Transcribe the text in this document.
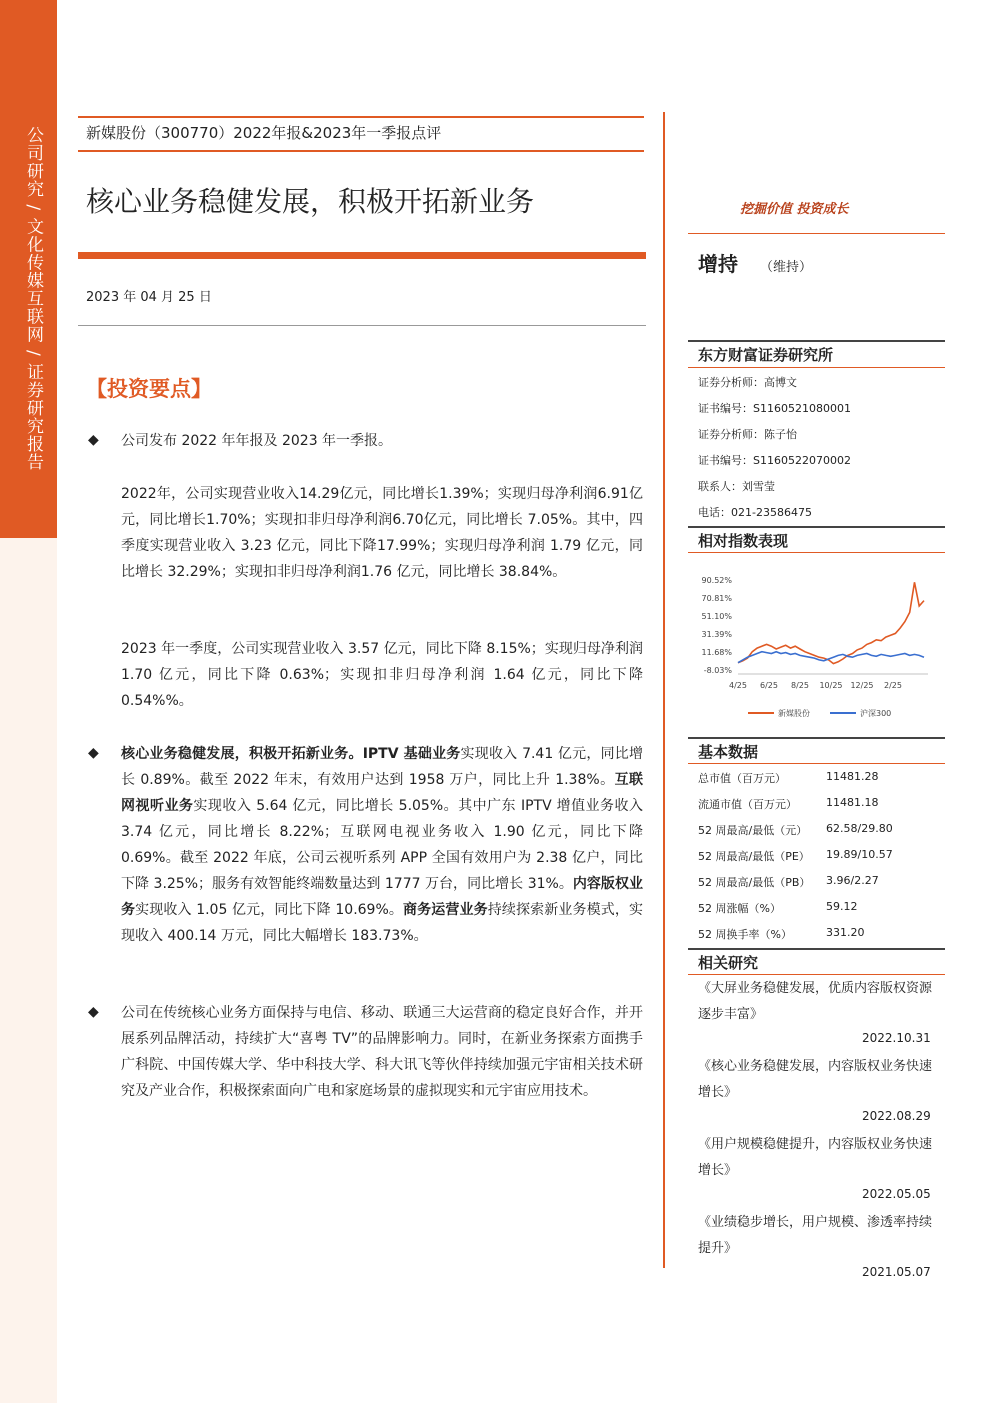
公司研究 / 文化传媒互联网 / 证券研究报告	新媒股份（300770）2022年报&2023年一季报点评
核心业务稳健发展，积极开拓新业务
2023 年 04 月 25 日
【投资要点】
◆ 公司发布 2022 年年报及 2023 年一季报。
2022年，公司实现营业收入14.29亿元，同比增长1.39%；实现归母净利润6.91亿元，同比增长1.70%；实现扣非归母净利润6.70亿元，同比增长 7.05%。其中，四季度实现营业收入 3.23 亿元，同比下降17.99%；实现归母净利润 1.79 亿元，同比增长 32.29%；实现扣非归母净利润1.76 亿元，同比增长 38.84%。
2023 年一季度，公司实现营业收入 3.57 亿元，同比下降 8.15%；实现归母净利润 1.70 亿元，同比下降 0.63%；实现扣非归母净利润 1.64 亿元，同比下降 0.54%%。
◆ 核心业务稳健发展，积极开拓新业务。IPTV 基础业务实现收入 7.41 亿元，同比增长 0.89%。截至 2022 年末，有效用户达到 1958 万户，同比上升 1.38%。互联网视听业务实现收入 5.64 亿元，同比增长 5.05%。其中广东 IPTV 增值业务收入 3.74 亿元，同比增长 8.22%；互联网电视业务收入 1.90 亿元，同比下降 0.69%。截至 2022 年底，公司云视听系列 APP 全国有效用户为 2.38 亿户，同比下降 3.25%；服务有效智能终端数量达到 1777 万台，同比增长 31%。内容版权业务实现收入 1.05 亿元，同比下降 10.69%。商务运营业务持续探索新业务模式，实现收入 400.14 万元，同比大幅增长 183.73%。
◆ 公司在传统核心业务方面保持与电信、移动、联通三大运营商的稳定良好合作，并开展系列品牌活动，持续扩大“喜粤 TV”的品牌影响力。同时，在新业务探索方面携手广科院、中国传媒大学、华中科技大学、科大讯飞等伙伴持续加强元宇宙相关技术研究及产业合作，积极探索面向广电和家庭场景的虚拟现实和元宇宙应用技术。
挖掘价值 投资成长
增持 （维持）
东方财富证券研究所
证券分析师：高博文
证书编号：S1160521080001
证券分析师：陈子怡
证书编号：S1160522070002
联系人：刘雪莹
电话：021-23586475
相对指数表现
90.52%
70.81%
51.10%
31.39%
11.68%
-8.03%
4/25 6/25 8/25 10/25 12/25 2/25
新媒股份	沪深300
基本数据
总市值（百万元）	11481.28
流通市值（百万元）	11481.18
52 周最高/最低（元） 62.58/29.80
52 周最高/最低（PE） 19.89/10.57
52 周最高/最低（PB） 3.96/2.27
52 周涨幅（%）	59.12
52 周换手率（%）	331.20
相关研究
《大屏业务稳健发展，优质内容版权资源逐步丰富》
2022.10.31
《核心业务稳健发展，内容版权业务快速增长》
2022.08.29
《用户规模稳健提升，内容版权业务快速增长》
2022.05.05
《业绩稳步增长，用户规模、渗透率持续提升》
2021.05.07
